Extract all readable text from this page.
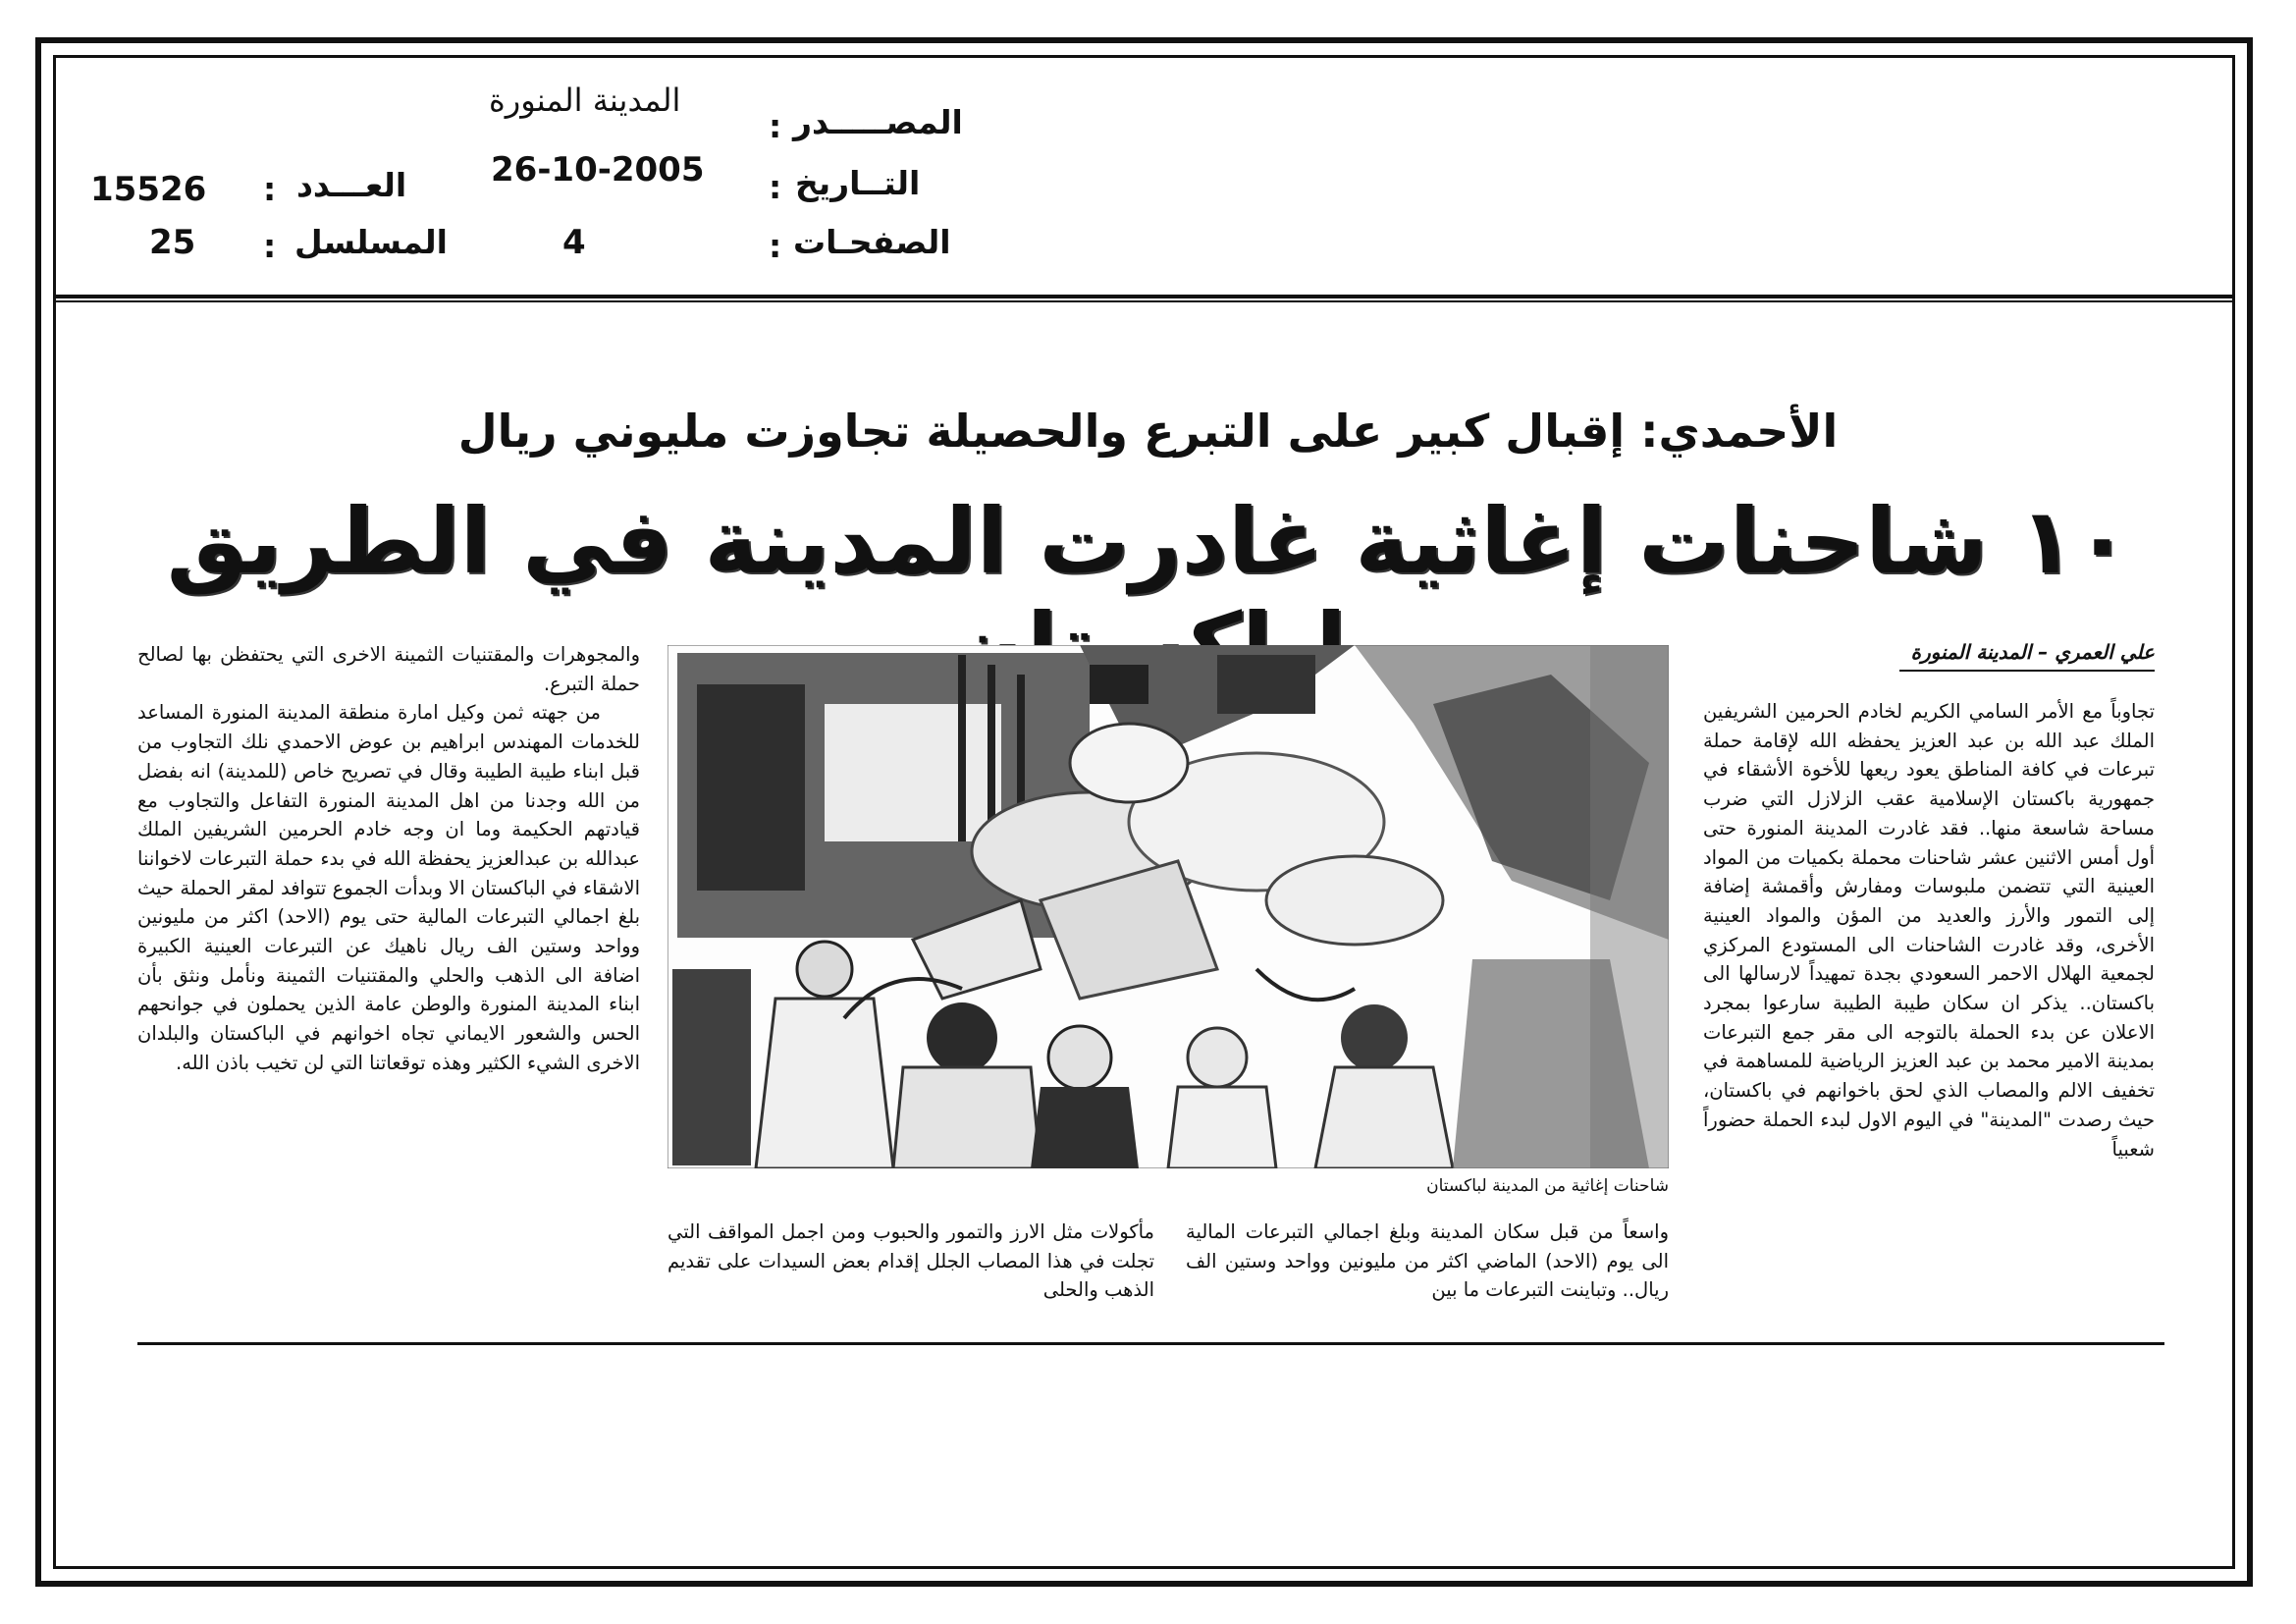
المصـــــدر
:
المدينة المنورة
التــاريخ
:
26-10-2005
الصفحـات
:
4
العـــدد
:
15526
المسلسل
:
25
الأحمدي: إقبال كبير على التبرع والحصيلة تجاوزت مليوني ريال
١٠ شاحنات إغاثية غادرت المدينة في الطريق
علي العمري – المدينة المنورة

تجاوباً مع الأمر السامي الكريم لخادم الحرمين الشريفين الملك عبد الله بن عبد العزيز يحفظه الله لإقامة حملة تبرعات في كافة المناطق يعود ريعها للأخوة الأشقاء في جمهورية باكستان الإسلامية عقب الزلازل التي ضرب مساحة شاسعة منها.. فقد غادرت المدينة المنورة حتى أول أمس الاثنين عشر شاحنات محملة بكميات من المواد العينية التي تتضمن ملبوسات ومفارش وأقمشة إضافة إلى التمور والأرز والعديد من المؤن والمواد العينية الأخرى، وقد غادرت الشاحنات الى المستودع المركزي لجمعية الهلال الاحمر السعودي بجدة تمهيداً لارسالها الى باكستان.. يذكر ان سكان طيبة الطيبة سارعوا بمجرد الاعلان عن بدء الحملة بالتوجه الى مقر جمع التبرعات بمدينة الامير محمد بن عبد العزيز الرياضية للمساهمة في تخفيف الالم والمصاب الذي لحق باخوانهم في باكستان، حيث رصدت "المدينة" في اليوم الاول لبدء الحملة حضوراً شعبياً

شاحنات إغاثية من المدينة لباكستان

واسعاً من قبل سكان المدينة وبلغ اجمالي التبرعات المالية الى يوم (الاحد) الماضي اكثر من مليونين وواحد وستين الف ريال.. وتباينت التبرعات ما بين

مأكولات مثل الارز والتمور والحبوب ومن اجمل المواقف التي تجلت في هذا المصاب الجلل إقدام بعض السيدات على تقديم الذهب والحلى

والمجوهرات والمقتنيات الثمينة الاخرى التي يحتفظن بها لصالح حملة التبرع.

من جهته ثمن وكيل امارة منطقة المدينة المنورة المساعد للخدمات المهندس ابراهيم بن عوض الاحمدي نلك التجاوب من قبل ابناء طيبة الطيبة وقال في تصريح خاص (للمدينة) انه بفضل من الله وجدنا من اهل المدينة المنورة التفاعل والتجاوب مع قيادتهم الحكيمة وما ان وجه خادم الحرمين الشريفين الملك عبدالله بن عبدالعزيز يحفظة الله في بدء حملة التبرعات لاخواننا الاشقاء في الباكستان الا وبدأت الجموع تتوافد لمقر الحملة حيث بلغ اجمالي التبرعات المالية حتى يوم (الاحد) اكثر من مليونين وواحد وستين الف ريال ناهيك عن التبرعات العينية الكبيرة اضافة الى الذهب والحلي والمقتنيات الثمينة ونأمل ونثق بأن ابناء المدينة المنورة والوطن عامة الذين يحملون في جوانحهم الحس والشعور الايماني تجاه اخوانهم في الباكستان والبلدان الاخرى الشيء الكثير وهذه توقعاتنا التي لن تخيب باذن الله.
